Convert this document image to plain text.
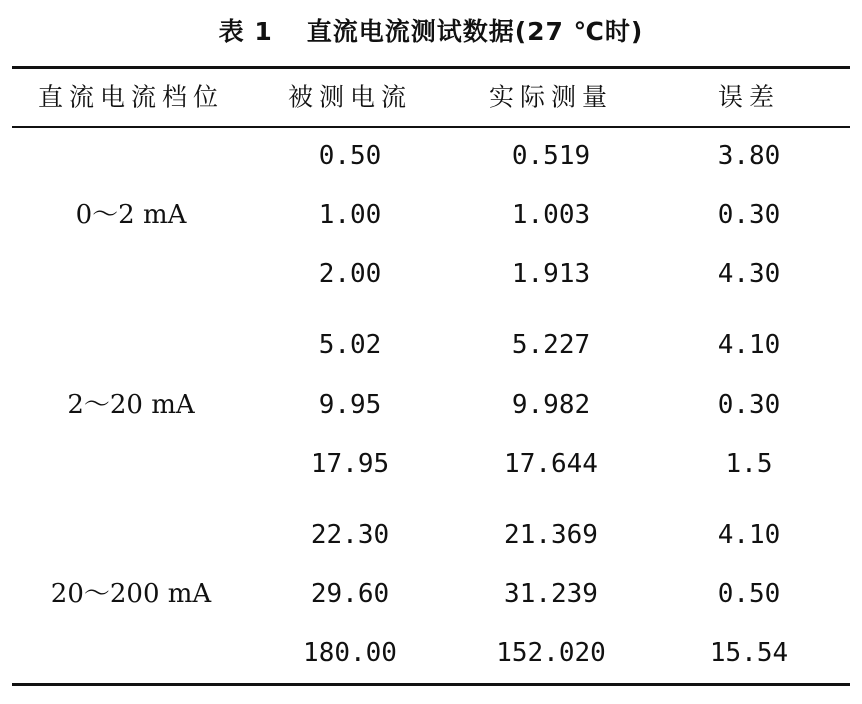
表 1 直流电流测试数据(27 ℃时)
直流电流档位	被测电流	实际测量	误差
0～2 mA
0.50	0.519	3.80
1.00	1.003	0.30
2.00	1.913	4.30
2～20 mA
5.02	5.227	4.10
9.95	9.982	0.30
17.95	17.644	1.5
20～200 mA
22.30	21.369	4.10
29.60	31.239	0.50
180.00	152.020	15.54
